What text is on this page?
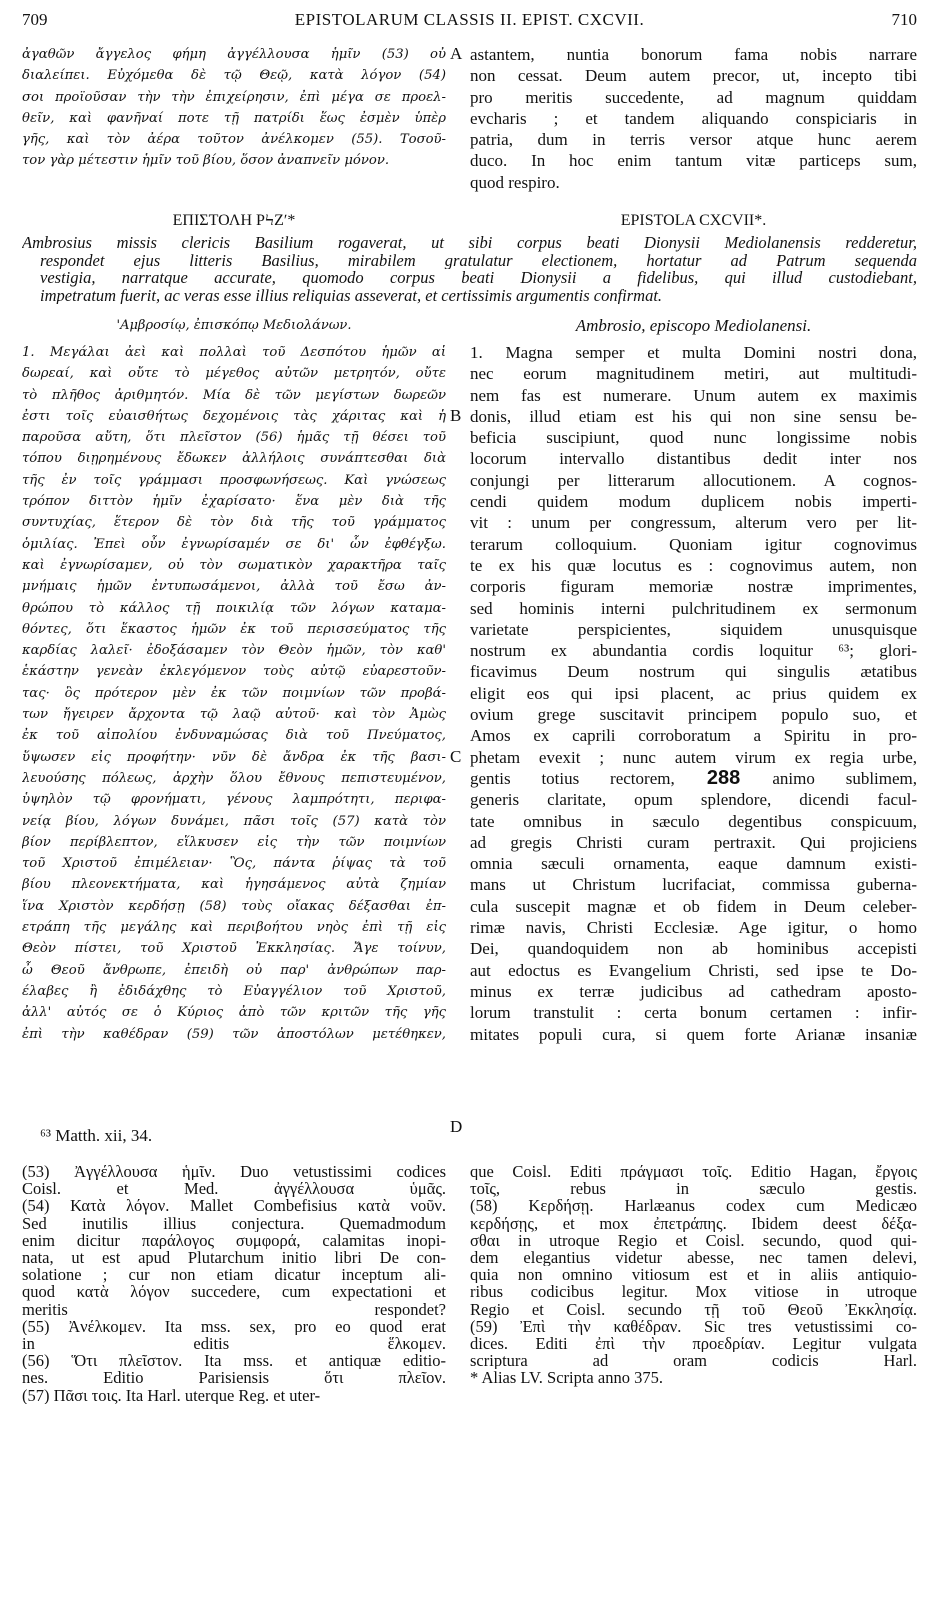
709	EPISTOLARUM CLASSIS II. EPIST. CXCVII.	710
ἀγαθῶν ἄγγελος φήμη ἀγγέλλουσα ἡμῖν (53) οὐ
διαλείπει. Εὐχόμεθα δὲ τῷ Θεῷ, κατὰ λόγον (54)
σοι προϊοῦσαν τὴν τὴν ἐπιχείρησιν, ἐπὶ μέγα σε προελ-
θεῖν, καὶ φανῆναί ποτε τῇ πατρίδι ἕως ἐσμὲν ὑπὲρ
γῆς, καὶ τὸν ἀέρα τοῦτον ἀνέλκομεν (55). Τοσοῦ-
τον γὰρ μέτεστιν ἡμῖν τοῦ βίου, ὅσον ἀναπνεῖν μόνον.
astantem, nuntia bonorum fama nobis narrare
non cessat. Deum autem precor, ut, incepto tibi
pro meritis succedente, ad magnum quiddam
evcharis ; et tandem aliquando conspiciaris in
patria, dum in terris versor atque hunc aerem
duco. In hoc enim tantum vitæ particeps sum,
quod respiro.
A
ΕΠΙΣΤΟΛΗ ΡϞΖʹ*	EPISTOLA CXCVII*.
Ambrosius missis clericis Basilium rogaverat, ut sibi corpus beati Dionysii Mediolanensis redderetur,
respondet ejus litteris Basilius, mirabilem gratulatur electionem, hortatur ad Patrum sequenda
vestigia, narratque accurate, quomodo corpus beati Dionysii a fidelibus, qui illud custodiebant,
impetratum fuerit, ac veras esse illius reliquias asseverat, et certissimis argumentis confirmat.
'Αμβροσίῳ, ἐπισκόπῳ Μεδιολάνων.	Ambrosio, episcopo Mediolanensi.
1. Μεγάλαι ἀεὶ καὶ πολλαὶ τοῦ Δεσπότου ἡμῶν αἱ
δωρεαί, καὶ οὔτε τὸ μέγεθος αὐτῶν μετρητόν, οὔτε
τὸ πλῆθος ἀριθμητόν. Μία δὲ τῶν μεγίστων δωρεῶν
ἐστι τοῖς εὐαισθήτως δεχομένοις τὰς χάριτας καὶ ἡ
παροῦσα αὕτη, ὅτι πλεῖστον (56) ἡμᾶς τῇ θέσει τοῦ
τόπου διῃρημένους ἔδωκεν ἀλλήλοις συνάπτεσθαι διὰ
τῆς ἐν τοῖς γράμμασι προσφωνήσεως. Καὶ γνώσεως
τρόπον διττὸν ἡμῖν ἐχαρίσατο· ἕνα μὲν διὰ τῆς
συντυχίας, ἕτερον δὲ τὸν διὰ τῆς τοῦ γράμματος
ὁμιλίας. Ἐπεὶ οὖν ἐγνωρίσαμέν σε δι' ὧν ἐφθέγξω.
καὶ ἐγνωρίσαμεν, οὐ τὸν σωματικὸν χαρακτῆρα ταῖς
μνήμαις ἡμῶν ἐντυπωσάμενοι, ἀλλὰ τοῦ ἔσω ἀν-
θρώπου τὸ κάλλος τῇ ποικιλίᾳ τῶν λόγων καταμα-
θόντες, ὅτι ἕκαστος ἡμῶν ἐκ τοῦ περισσεύματος τῆς
καρδίας λαλεῖ· ἐδοξάσαμεν τὸν Θεὸν ἡμῶν, τὸν καθ'
ἑκάστην γενεὰν ἐκλεγόμενον τοὺς αὐτῷ εὐαρεστοῦν-
τας· ὃς πρότερον μὲν ἐκ τῶν ποιμνίων τῶν προβά-
των ἤγειρεν ἄρχοντα τῷ λαῷ αὐτοῦ· καὶ τὸν Ἀμὼς
ἐκ τοῦ αἰπολίου ἐνδυναμώσας διὰ τοῦ Πνεύματος,
ὕψωσεν εἰς προφήτην· νῦν δὲ ἄνδρα ἐκ τῆς βασι-
λευούσης πόλεως, ἀρχὴν ὅλου ἔθνους πεπιστευμένον,
ὑψηλὸν τῷ φρονήματι, γένους λαμπρότητι, περιφα-
νείᾳ βίου, λόγων δυνάμει, πᾶσι τοῖς (57) κατὰ τὸν
βίον περίβλεπτον, εἵλκυσεν εἰς τὴν τῶν ποιμνίων
τοῦ Χριστοῦ ἐπιμέλειαν· Ὃς, πάντα ῥίψας τὰ τοῦ
βίου πλεονεκτήματα, καὶ ἡγησάμενος αὐτὰ ζημίαν
ἵνα Χριστὸν κερδήσῃ (58) τοὺς οἴακας δέξασθαι ἐπ-
ετράπη τῆς μεγάλης καὶ περιβοήτου νηὸς ἐπὶ τῇ εἰς
Θεὸν πίστει, τοῦ Χριστοῦ Ἐκκλησίας. Ἄγε τοίνυν,
ὦ Θεοῦ ἄνθρωπε, ἐπειδὴ οὐ παρ' ἀνθρώπων παρ-
έλαβες ἢ ἐδιδάχθης τὸ Εὐαγγέλιον τοῦ Χριστοῦ,
ἀλλ' αὐτός σε ὁ Κύριος ἀπὸ τῶν κριτῶν τῆς γῆς
ἐπὶ τὴν καθέδραν (59) τῶν ἀποστόλων μετέθηκεν,
1. Magna semper et multa Domini nostri dona,
nec eorum magnitudinem metiri, aut multitudi-
nem fas est numerare. Unum autem ex maximis
donis, illud etiam est his qui non sine sensu be-
beficia suscipiunt, quod nunc longissime nobis
locorum intervallo distantibus dedit inter nos
conjungi per litterarum allocutionem. A cognos-
cendi quidem modum duplicem nobis imperti-
vit : unum per congressum, alterum vero per lit-
terarum colloquium. Quoniam igitur cognovimus
te ex his quæ locutus es : cognovimus autem, non
corporis figuram memoriæ nostræ imprimentes,
sed hominis interni pulchritudinem ex sermonum
varietate perspicientes, siquidem unusquisque
nostrum ex abundantia cordis loquitur ⁶³; glori-
ficavimus Deum nostrum qui singulis ætatibus
eligit eos qui ipsi placent, ac prius quidem ex
ovium grege suscitavit principem populo suo, et
Amos ex caprili corroboratum a Spiritu in pro-
phetam evexit ; nunc autem virum ex regia urbe,
gentis totius rectorem, 288 animo sublimem,
generis claritate, opum splendore, dicendi facul-
tate omnibus in sæculo degentibus conspicuum,
ad gregis Christi curam pertraxit. Qui projiciens
omnia sæculi ornamenta, eaque damnum existi-
mans ut Christum lucrifaciat, commissa guberna-
cula suscepit magnæ et ob fidem in Deum celeber-
rimæ navis, Christi Ecclesiæ. Age igitur, o homo
Dei, quandoquidem non ab hominibus accepisti
aut edoctus es Evangelium Christi, sed ipse te Do-
minus ex terræ judicibus ad cathedram aposto-
lorum transtulit : certa bonum certamen : infir-
mitates populi cura, si quem forte Arianæ insaniæ
B
C
D
⁶³ Matth. xii, 34.
(53) Ἀγγέλλουσα ἡμῖν. Duo vetustissimi codices
Coisl. et Med. ἀγγέλλουσα ὑμᾶς.
(54) Κατὰ λόγον. Mallet Combefisius κατὰ νοῦν.
Sed inutilis illius conjectura. Quemadmodum
enim dicitur παράλογος συμφορά, calamitas inopi-
nata, ut est apud Plutarchum initio libri De con-
solatione ; cur non etiam dicatur inceptum ali-
quod κατὰ λόγον succedere, cum expectationi et
meritis respondet?
(55) Ἀνέλκομεν. Ita mss. sex, pro eo quod erat
in editis ἕλκομεν.
(56) Ὅτι πλεῖστον. Ita mss. et antiquæ editio-
nes. Editio Parisiensis ὅτι πλεῖον.
(57) Πᾶσι τοις. Ita Harl. uterque Reg. et uter-
que Coisl. Editi πράγμασι τοῖς. Editio Hagan, ἔργοις
τοῖς, rebus in sæculo gestis.
(58) Κερδήσῃ. Harlæanus codex cum Medicæo
κερδήσῃς, et mox ἐπετράπης. Ibidem deest δέξα-
σθαι in utroque Regio et Coisl. secundo, quod qui-
dem elegantius videtur abesse, nec tamen delevi,
quia non omnino vitiosum est et in aliis antiquio-
ribus codicibus legitur. Mox vitiose in utroque
Regio et Coisl. secundo τῇ τοῦ Θεοῦ Ἐκκλησίᾳ.
(59) Ἐπὶ τὴν καθέδραν. Sic tres vetustissimi co-
dices. Editi ἐπὶ τὴν προεδρίαν. Legitur vulgata
scriptura ad oram codicis Harl.
* Alias LV. Scripta anno 375.
